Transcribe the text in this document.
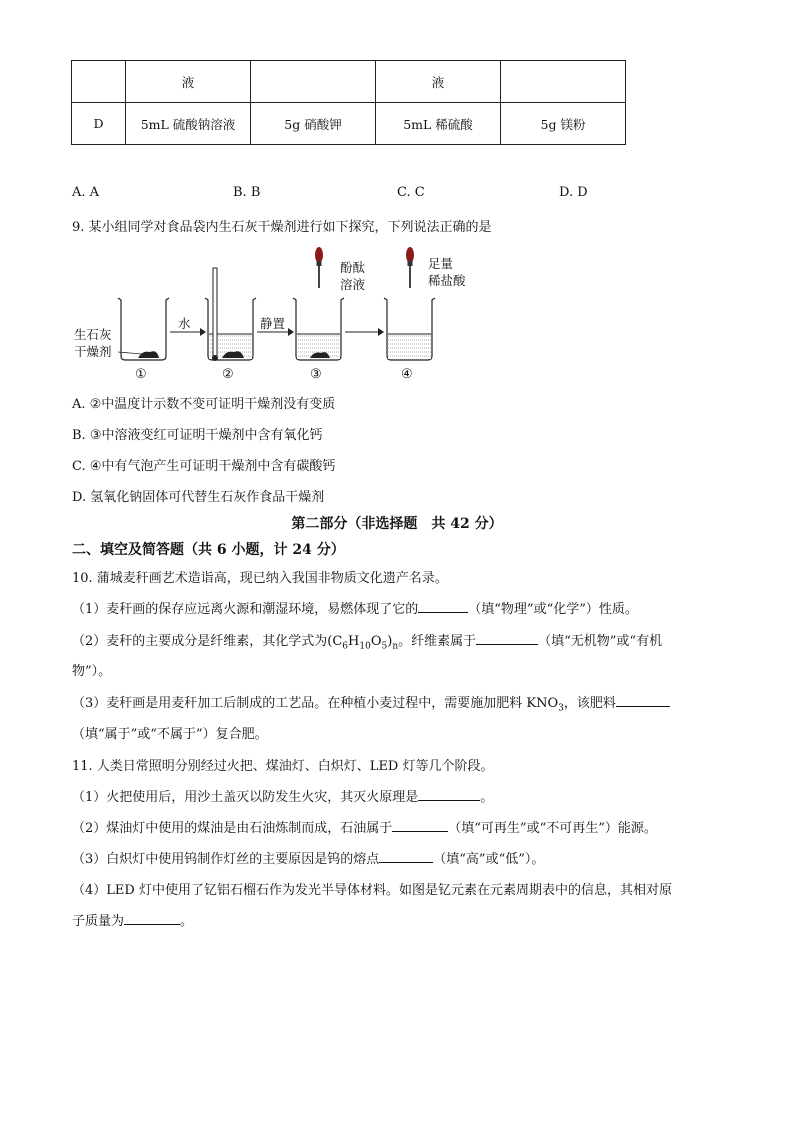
	液		液	
D	5mL 硫酸钠溶液	5g 硝酸钾	5mL 稀硫酸	5g 镁粉
A. A	B. B	C. C	D. D
9. 某小组同学对食品袋内生石灰干燥剂进行如下探究，下列说法正确的是
生石灰
干燥剂
水	静置
酚酞
溶液
足量
稀盐酸
①	②	③	④
A. ②中温度计示数不变可证明干燥剂没有变质
B. ③中溶液变红可证明干燥剂中含有氧化钙
C. ④中有气泡产生可证明干燥剂中含有碳酸钙
D. 氢氧化钠固体可代替生石灰作食品干燥剂
第二部分（非选择题　共 42 分）
二、填空及简答题（共 6 小题，计 24 分）
10. 蒲城麦秆画艺术造诣高，现已纳入我国非物质文化遗产名录。
（1）麦秆画的保存应远离火源和潮湿环境，易燃体现了它的	（填“物理”或“化学”）性质。
（2）麦秆的主要成分是纤维素，其化学式为$(C_6H_{10}O_5)_n$。纤维素属于	（填“无机物”或“有机
物”）。
（3）麦秆画是用麦秆加工后制成的工艺品。在种植小麦过程中，需要施加肥料 $KNO_3$，该肥料
（填“属于”或“不属于”）复合肥。
11. 人类日常照明分别经过火把、煤油灯、白炽灯、LED 灯等几个阶段。
（1）火把使用后，用沙土盖灭以防发生火灾，其灭火原理是	。
（2）煤油灯中使用的煤油是由石油炼制而成，石油属于	（填“可再生”或“不可再生”）能源。
（3）白炽灯中使用钨制作灯丝的主要原因是钨的熔点	（填“高”或“低”）。
（4）LED 灯中使用了钇铝石榴石作为发光半导体材料。如图是钇元素在元素周期表中的信息，其相对原
子质量为	。
